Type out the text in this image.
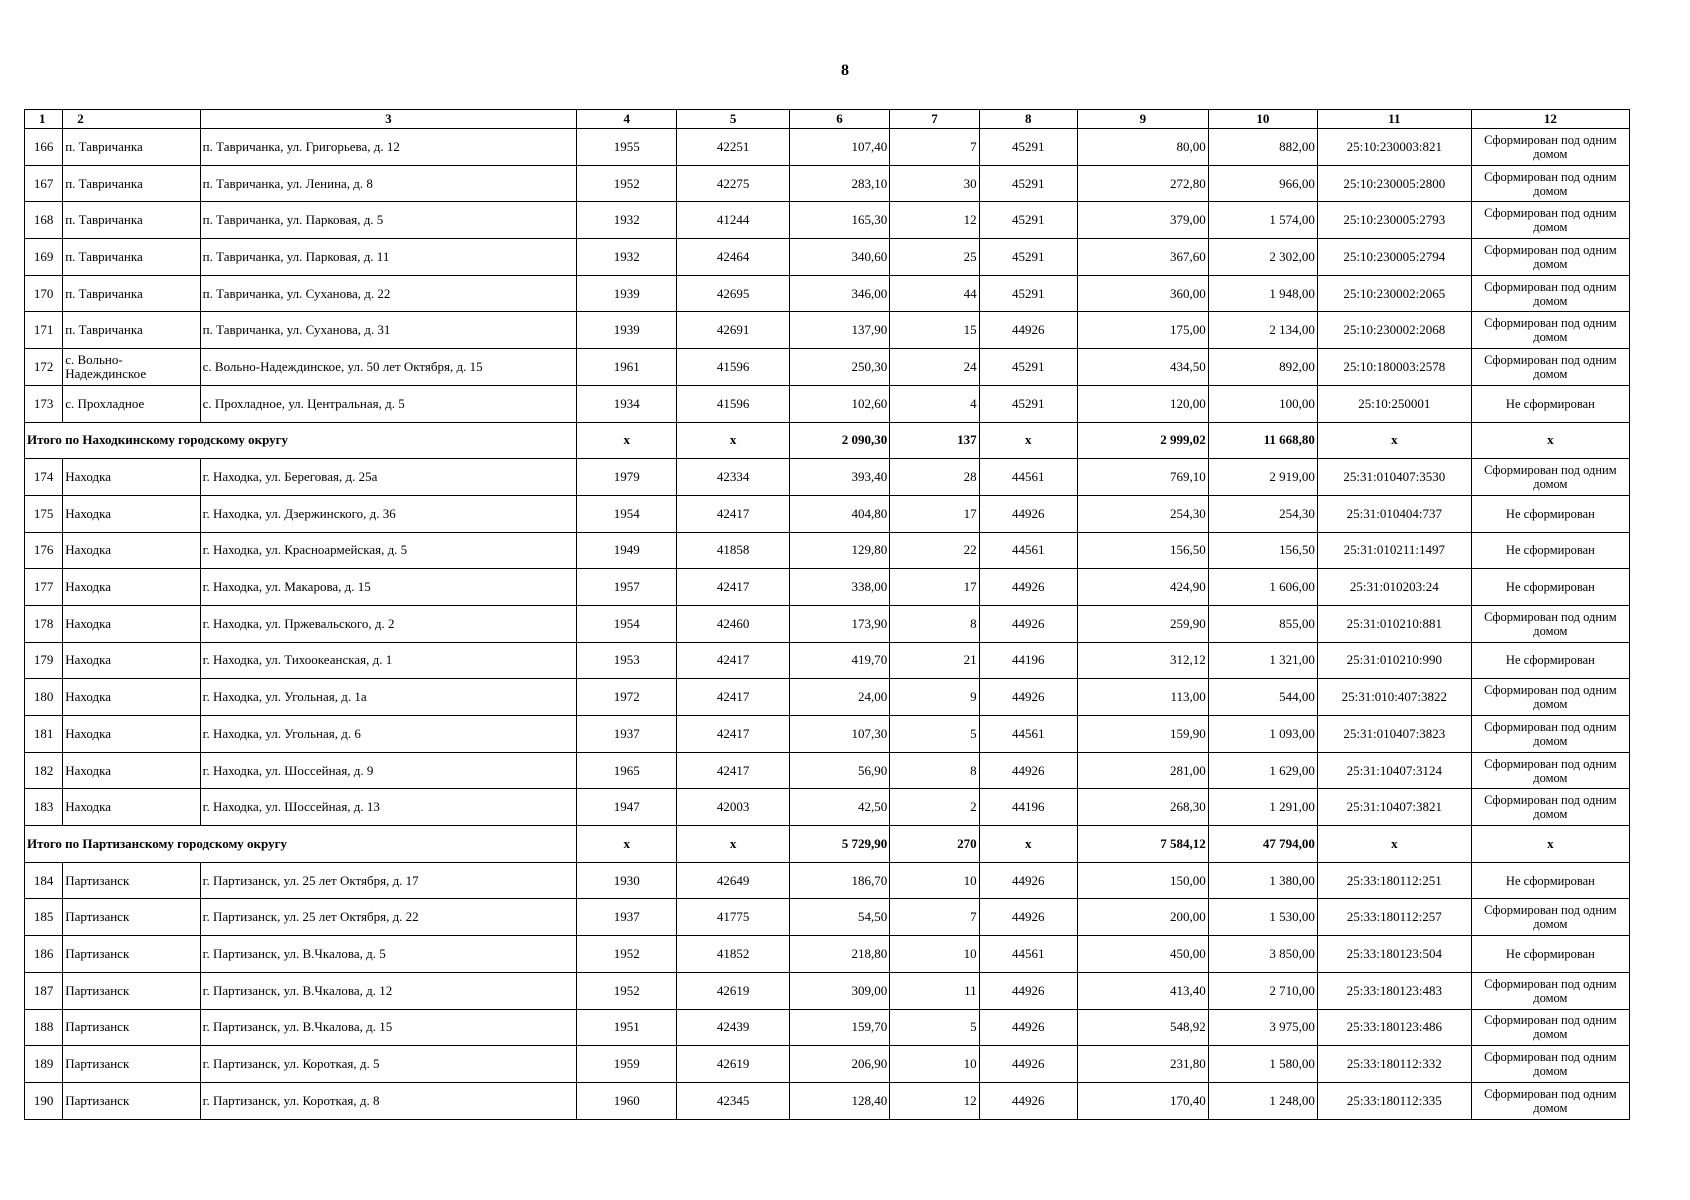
8
1	2	3	4	5	6	7	8	9	10	11	12
166	п. Тавричанка	п. Тавричанка, ул. Григорьева, д. 12	1955	42251	107,40	7	45291	80,00	882,00	25:10:230003:821	Сформирован под одним домом
167	п. Тавричанка	п. Тавричанка, ул. Ленина, д. 8	1952	42275	283,10	30	45291	272,80	966,00	25:10:230005:2800	Сформирован под одним домом
168	п. Тавричанка	п. Тавричанка, ул. Парковая, д. 5	1932	41244	165,30	12	45291	379,00	1 574,00	25:10:230005:2793	Сформирован под одним домом
169	п. Тавричанка	п. Тавричанка, ул. Парковая, д. 11	1932	42464	340,60	25	45291	367,60	2 302,00	25:10:230005:2794	Сформирован под одним домом
170	п. Тавричанка	п. Тавричанка, ул. Суханова, д. 22	1939	42695	346,00	44	45291	360,00	1 948,00	25:10:230002:2065	Сформирован под одним домом
171	п. Тавричанка	п. Тавричанка, ул. Суханова, д. 31	1939	42691	137,90	15	44926	175,00	2 134,00	25:10:230002:2068	Сформирован под одним домом
172	с. Вольно-Надеждинское	с. Вольно-Надеждинское, ул. 50 лет Октября, д. 15	1961	41596	250,30	24	45291	434,50	892,00	25:10:180003:2578	Сформирован под одним домом
173	с. Прохладное	с. Прохладное, ул. Центральная, д. 5	1934	41596	102,60	4	45291	120,00	100,00	25:10:250001	Не сформирован
Итого по Находкинскому городскому округу			х	х	2 090,30	137	х	2 999,02	11 668,80	х	х
174	Находка	г. Находка, ул. Береговая, д. 25а	1979	42334	393,40	28	44561	769,10	2 919,00	25:31:010407:3530	Сформирован под одним домом
175	Находка	г. Находка, ул. Дзержинского, д. 36	1954	42417	404,80	17	44926	254,30	254,30	25:31:010404:737	Не сформирован
176	Находка	г. Находка, ул. Красноармейская, д. 5	1949	41858	129,80	22	44561	156,50	156,50	25:31:010211:1497	Не сформирован
177	Находка	г. Находка, ул. Макарова, д. 15	1957	42417	338,00	17	44926	424,90	1 606,00	25:31:010203:24	Не сформирован
178	Находка	г. Находка, ул. Пржевальского, д. 2	1954	42460	173,90	8	44926	259,90	855,00	25:31:010210:881	Сформирован под одним домом
179	Находка	г. Находка, ул. Тихоокеанская, д. 1	1953	42417	419,70	21	44196	312,12	1 321,00	25:31:010210:990	Не сформирован
180	Находка	г. Находка, ул. Угольная, д. 1а	1972	42417	24,00	9	44926	113,00	544,00	25:31:010:407:3822	Сформирован под одним домом
181	Находка	г. Находка, ул. Угольная, д. 6	1937	42417	107,30	5	44561	159,90	1 093,00	25:31:010407:3823	Сформирован под одним домом
182	Находка	г. Находка, ул. Шоссейная, д. 9	1965	42417	56,90	8	44926	281,00	1 629,00	25:31:10407:3124	Сформирован под одним домом
183	Находка	г. Находка, ул. Шоссейная, д. 13	1947	42003	42,50	2	44196	268,30	1 291,00	25:31:10407:3821	Сформирован под одним домом
Итого по Партизанскому городскому округу			х	х	5 729,90	270	х	7 584,12	47 794,00	х	х
184	Партизанск	г. Партизанск, ул. 25 лет Октября, д. 17	1930	42649	186,70	10	44926	150,00	1 380,00	25:33:180112:251	Не сформирован
185	Партизанск	г. Партизанск, ул. 25 лет Октября, д. 22	1937	41775	54,50	7	44926	200,00	1 530,00	25:33:180112:257	Сформирован под одним домом
186	Партизанск	г. Партизанск, ул. В.Чкалова, д. 5	1952	41852	218,80	10	44561	450,00	3 850,00	25:33:180123:504	Не сформирован
187	Партизанск	г. Партизанск, ул. В.Чкалова, д. 12	1952	42619	309,00	11	44926	413,40	2 710,00	25:33:180123:483	Сформирован под одним домом
188	Партизанск	г. Партизанск, ул. В.Чкалова, д. 15	1951	42439	159,70	5	44926	548,92	3 975,00	25:33:180123:486	Сформирован под одним домом
189	Партизанск	г. Партизанск, ул. Короткая, д. 5	1959	42619	206,90	10	44926	231,80	1 580,00	25:33:180112:332	Сформирован под одним домом
190	Партизанск	г. Партизанск, ул. Короткая, д. 8	1960	42345	128,40	12	44926	170,40	1 248,00	25:33:180112:335	Сформирован под одним домом
